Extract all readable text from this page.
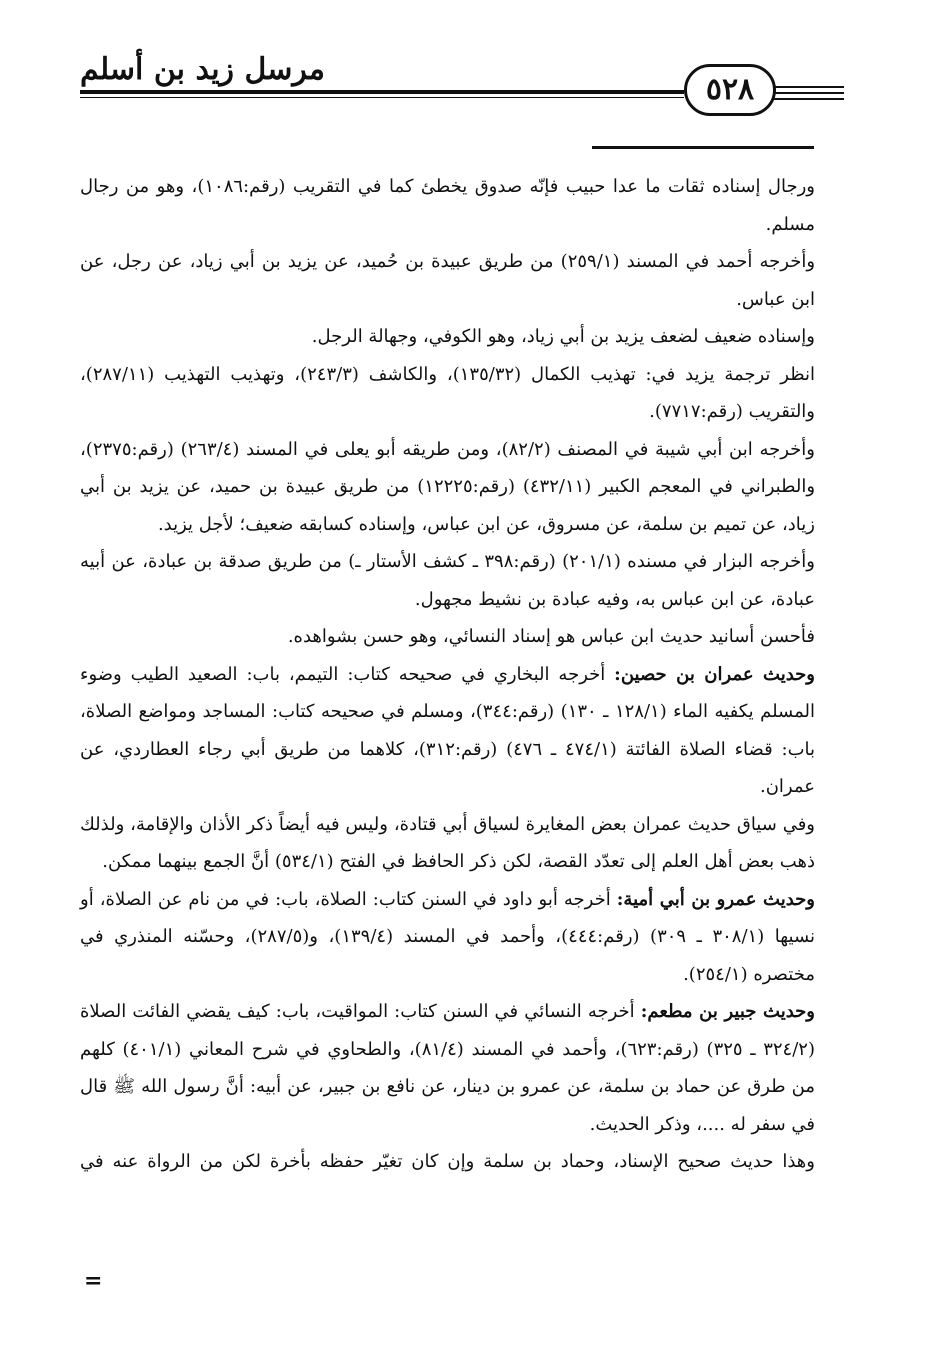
مرسل زيد بن أسلم
٥٢٨

ورجال إسناده ثقات ما عدا حبيب فإنّه صدوق يخطئ كما في التقريب (رقم:١٠٨٦)، وهو من رجال مسلم.

وأخرجه أحمد في المسند (٢٥٩/١) من طريق عبيدة بن حُميد، عن يزيد بن أبي زياد، عن رجل، عن ابن عباس.

وإسناده ضعيف لضعف يزيد بن أبي زياد، وهو الكوفي، وجهالة الرجل.

انظر ترجمة يزيد في: تهذيب الكمال (١٣٥/٣٢)، والكاشف (٢٤٣/٣)، وتهذيب التهذيب (٢٨٧/١١)، والتقريب (رقم:٧٧١٧).

وأخرجه ابن أبي شيبة في المصنف (٨٢/٢)، ومن طريقه أبو يعلى في المسند (٢٦٣/٤) (رقم:٢٣٧٥)، والطبراني في المعجم الكبير (٤٣٢/١١) (رقم:١٢٢٢٥) من طريق عبيدة بن حميد، عن يزيد بن أبي زياد، عن تميم بن سلمة، عن مسروق، عن ابن عباس، وإسناده كسابقه ضعيف؛ لأجل يزيد.

وأخرجه البزار في مسنده (٢٠١/١) (رقم:٣٩٨ ـ كشف الأستار ـ) من طريق صدقة بن عبادة، عن أبيه عبادة، عن ابن عباس به، وفيه عبادة بن نشيط مجهول.

فأحسن أسانيد حديث ابن عباس هو إسناد النسائي، وهو حسن بشواهده.

وحديث عمران بن حصين: أخرجه البخاري في صحيحه كتاب: التيمم، باب: الصعيد الطيب وضوء المسلم يكفيه الماء (١٢٨/١ ـ ١٣٠) (رقم:٣٤٤)، ومسلم في صحيحه كتاب: المساجد ومواضع الصلاة، باب: قضاء الصلاة الفائتة (٤٧٤/١ ـ ٤٧٦) (رقم:٣١٢)، كلاهما من طريق أبي رجاء العطاردي، عن عمران.

وفي سياق حديث عمران بعض المغايرة لسياق أبي قتادة، وليس فيه أيضاً ذكر الأذان والإقامة، ولذلك ذهب بعض أهل العلم إلى تعدّد القصة، لكن ذكر الحافظ في الفتح (٥٣٤/١) أنَّ الجمع بينهما ممكن.

وحديث عمرو بن أبي أمية: أخرجه أبو داود في السنن كتاب: الصلاة، باب: في من نام عن الصلاة، أو نسيها (٣٠٨/١ ـ ٣٠٩) (رقم:٤٤٤)، وأحمد في المسند (١٣٩/٤)، و(٢٨٧/٥)، وحسّنه المنذري في مختصره (٢٥٤/١).

وحديث جبير بن مطعم: أخرجه النسائي في السنن كتاب: المواقيت، باب: كيف يقضي الفائت الصلاة (٣٢٤/٢ ـ ٣٢٥) (رقم:٦٢٣)، وأحمد في المسند (٨١/٤)، والطحاوي في شرح المعاني (٤٠١/١) كلهم من طرق عن حماد بن سلمة، عن عمرو بن دينار، عن نافع بن جبير، عن أبيه: أنَّ رسول الله ﷺ قال في سفر له ....، وذكر الحديث.

وهذا حديث صحيح الإسناد، وحماد بن سلمة وإن كان تغيّر حفظه بأخرة لكن من الرواة عنه في

=
